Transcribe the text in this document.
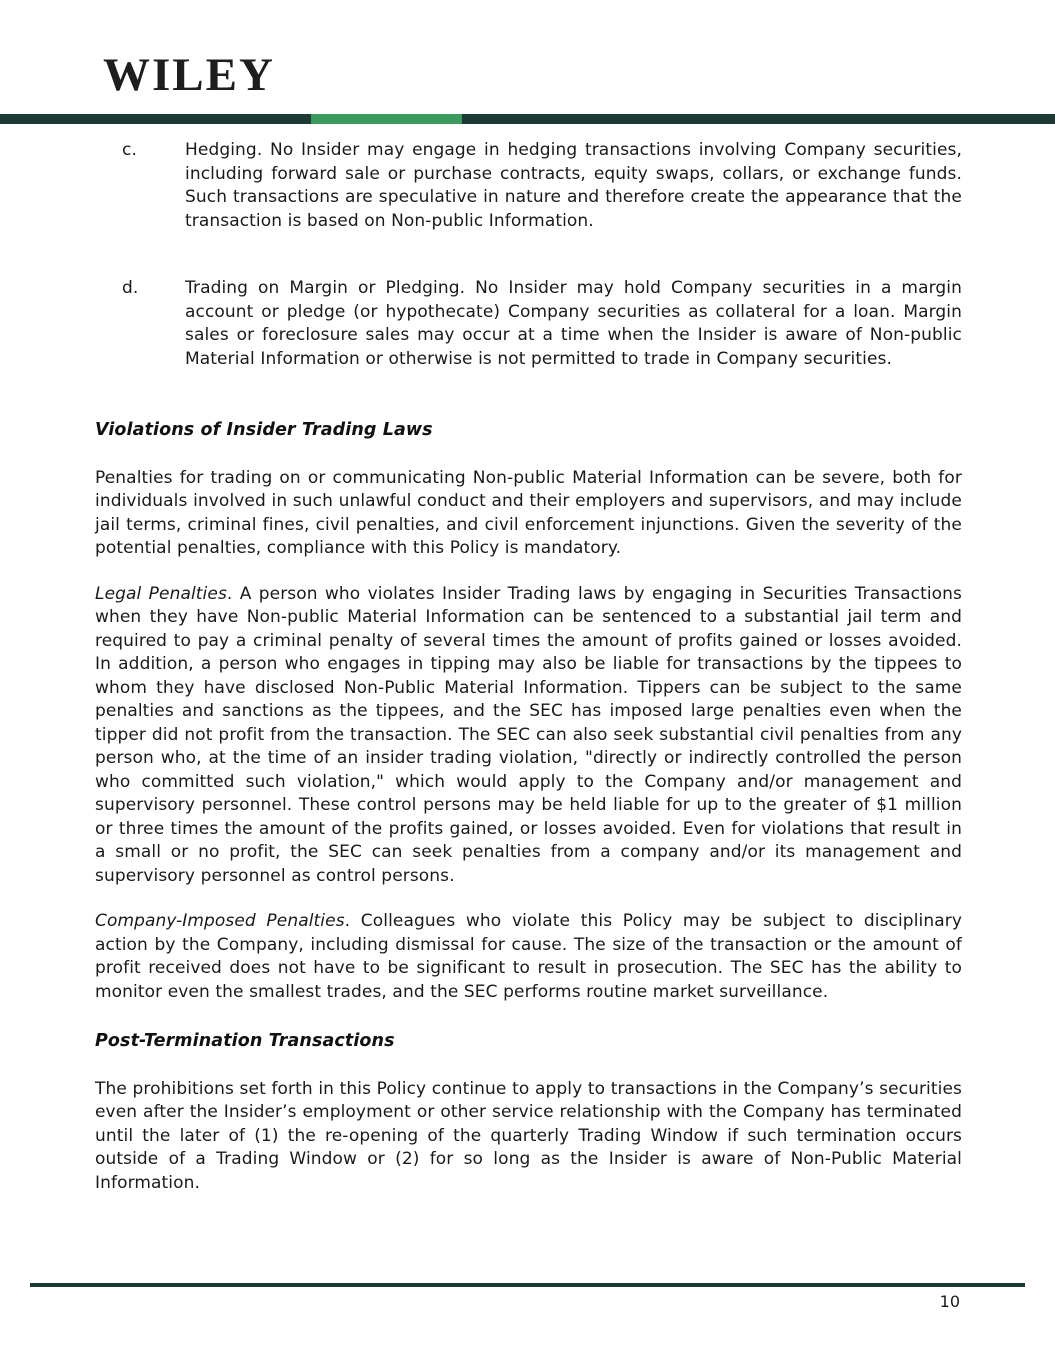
WILEY
c.	Hedging. No Insider may engage in hedging transactions involving Company securities, including forward sale or purchase contracts, equity swaps, collars, or exchange funds. Such transactions are speculative in nature and therefore create the appearance that the transaction is based on Non-public Information.

d.	Trading on Margin or Pledging. No Insider may hold Company securities in a margin account or pledge (or hypothecate) Company securities as collateral for a loan. Margin sales or foreclosure sales may occur at a time when the Insider is aware of Non-public Material Information or otherwise is not permitted to trade in Company securities.

Violations of Insider Trading Laws

Penalties for trading on or communicating Non-public Material Information can be severe, both for individuals involved in such unlawful conduct and their employers and supervisors, and may include jail terms, criminal fines, civil penalties, and civil enforcement injunctions. Given the severity of the potential penalties, compliance with this Policy is mandatory.

Legal Penalties. A person who violates Insider Trading laws by engaging in Securities Transactions when they have Non-public Material Information can be sentenced to a substantial jail term and required to pay a criminal penalty of several times the amount of profits gained or losses avoided. In addition, a person who engages in tipping may also be liable for transactions by the tippees to whom they have disclosed Non-Public Material Information. Tippers can be subject to the same penalties and sanctions as the tippees, and the SEC has imposed large penalties even when the tipper did not profit from the transaction. The SEC can also seek substantial civil penalties from any person who, at the time of an insider trading violation, "directly or indirectly controlled the person who committed such violation," which would apply to the Company and/or management and supervisory personnel. These control persons may be held liable for up to the greater of $1 million or three times the amount of the profits gained, or losses avoided. Even for violations that result in a small or no profit, the SEC can seek penalties from a company and/or its management and supervisory personnel as control persons.

Company-Imposed Penalties. Colleagues who violate this Policy may be subject to disciplinary action by the Company, including dismissal for cause. The size of the transaction or the amount of profit received does not have to be significant to result in prosecution. The SEC has the ability to monitor even the smallest trades, and the SEC performs routine market surveillance.

Post-Termination Transactions

The prohibitions set forth in this Policy continue to apply to transactions in the Company’s securities even after the Insider’s employment or other service relationship with the Company has terminated until the later of (1) the re-opening of the quarterly Trading Window if such termination occurs outside of a Trading Window or (2) for so long as the Insider is aware of Non-Public Material Information.

10
